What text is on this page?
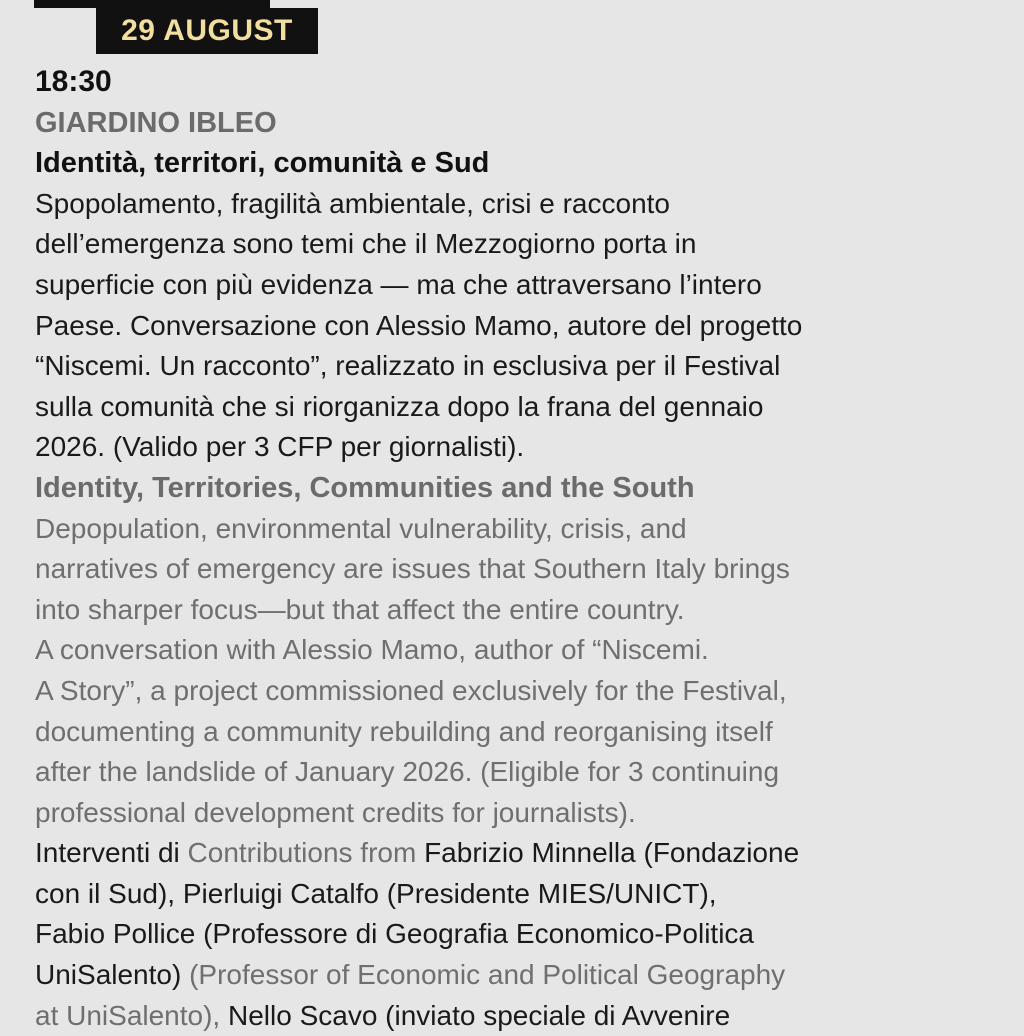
29 AUGUST
18:30
GIARDINO IBLEO
Identità, territori, comunità e Sud
Spopolamento, fragilità ambientale, crisi e racconto
dell’emergenza sono temi che il Mezzogiorno porta in
superficie con più evidenza — ma che attraversano l’intero
Paese. Conversazione con Alessio Mamo, autore del progetto
“Niscemi. Un racconto”, realizzato in esclusiva per il Festival
sulla comunità che si riorganizza dopo la frana del gennaio
2026. (Valido per 3 CFP per giornalisti).
Identity, Territories, Communities and the South
Depopulation, environmental vulnerability, crisis, and
narratives of emergency are issues that Southern Italy brings
into sharper focus—but that affect the entire country.
A conversation with Alessio Mamo, author of “Niscemi.
A Story”, a project commissioned exclusively for the Festival,
documenting a community rebuilding and reorganising itself
after the landslide of January 2026. (Eligible for 3 continuing
professional development credits for journalists).
Interventi di Contributions from Fabrizio Minnella (Fondazione
con il Sud), Pierluigi Catalfo (Presidente MIES/UNICT),
Fabio Pollice (Professore di Geografia Economico-Politica
UniSalento) (Professor of Economic and Political Geography
at UniSalento), Nello Scavo (inviato speciale di Avvenire
